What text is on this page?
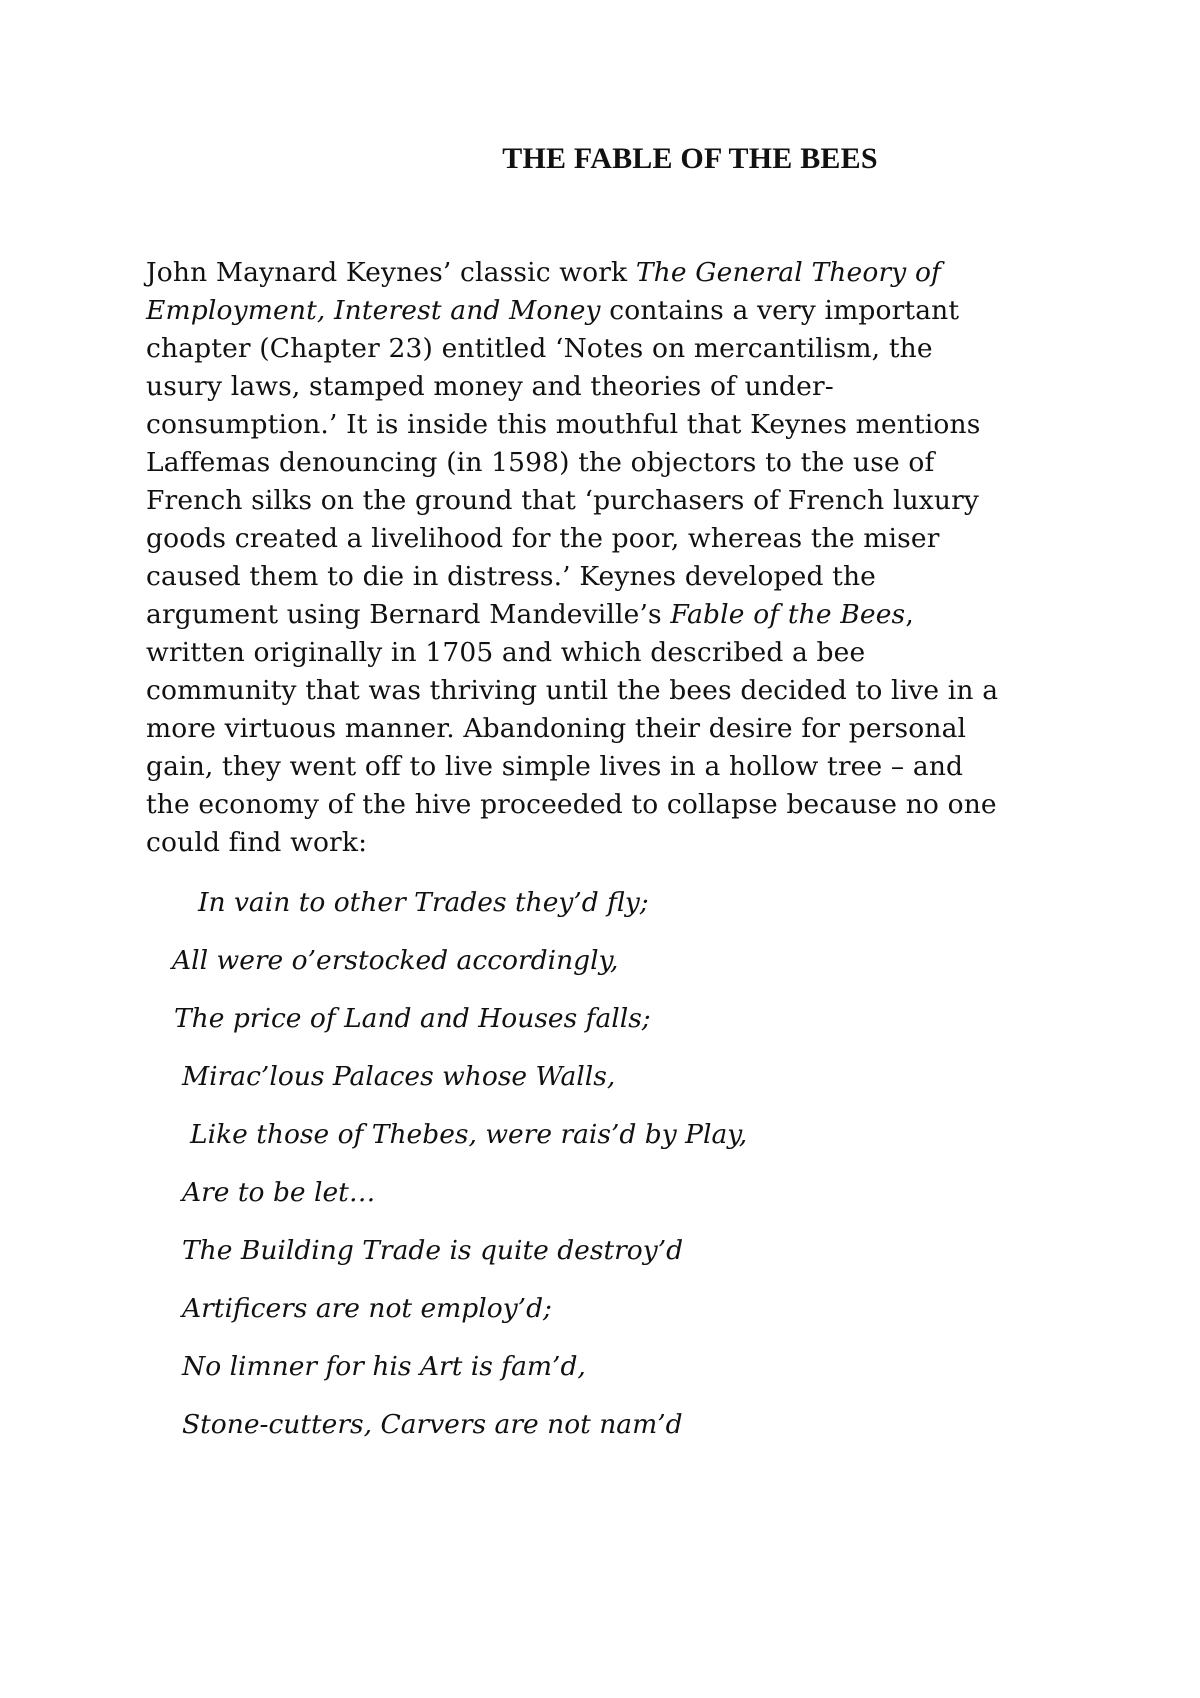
THE FABLE OF THE BEES
John Maynard Keynes’ classic work The General Theory of
Employment, Interest and Money contains a very important
chapter (Chapter 23) entitled ‘Notes on mercantilism, the
usury laws, stamped money and theories of under-
consumption.’ It is inside this mouthful that Keynes mentions
Laffemas denouncing (in 1598) the objectors to the use of
French silks on the ground that ‘purchasers of French luxury
goods created a livelihood for the poor, whereas the miser
caused them to die in distress.’ Keynes developed the
argument using Bernard Mandeville’s Fable of the Bees,
written originally in 1705 and which described a bee
community that was thriving until the bees decided to live in a
more virtuous manner. Abandoning their desire for personal
gain, they went off to live simple lives in a hollow tree – and
the economy of the hive proceeded to collapse because no one
could find work:
In vain to other Trades they’d fly;
All were o’erstocked accordingly,
The price of Land and Houses falls;
Mirac’lous Palaces whose Walls,
Like those of Thebes, were rais’d by Play,
Are to be let…
The Building Trade is quite destroy’d
Artificers are not employ’d;
No limner for his Art is fam’d,
Stone-cutters, Carvers are not nam’d
